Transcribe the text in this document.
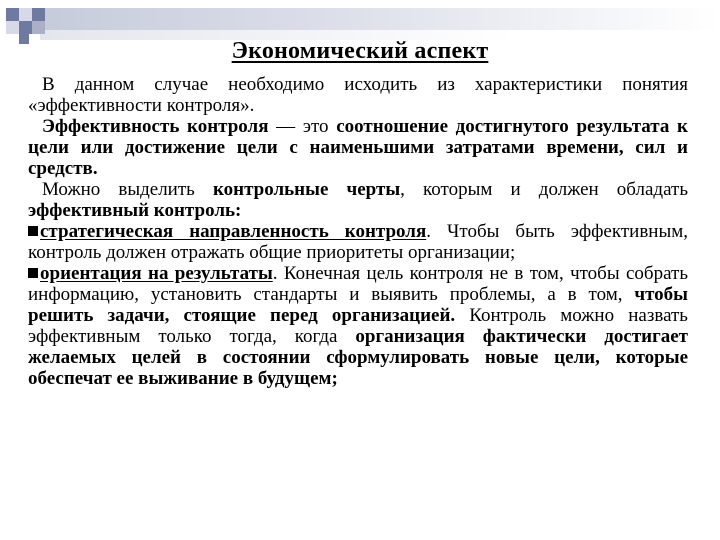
Экономический аспект

В данном случае необходимо исходить из характеристики понятия «эффективности контроля».

Эффективность контроля — это соотношение достигнутого результата к цели или достижение цели с наименьшими затратами времени, сил и средств.

Можно выделить контрольные черты, которым и должен обладать эффективный контроль:

стратегическая направленность контроля. Чтобы быть эффективным, контроль должен отражать общие приоритеты организации;

ориентация на результаты. Конечная цель контроля не в том, чтобы собрать информацию, установить стандарты и выявить проблемы, а в том, чтобы решить задачи, стоящие перед организацией. Контроль можно назвать эффективным только тогда, когда организация фактически достигает желаемых целей в состоянии сформулировать новые цели, которые обеспечат ее выживание в будущем;
